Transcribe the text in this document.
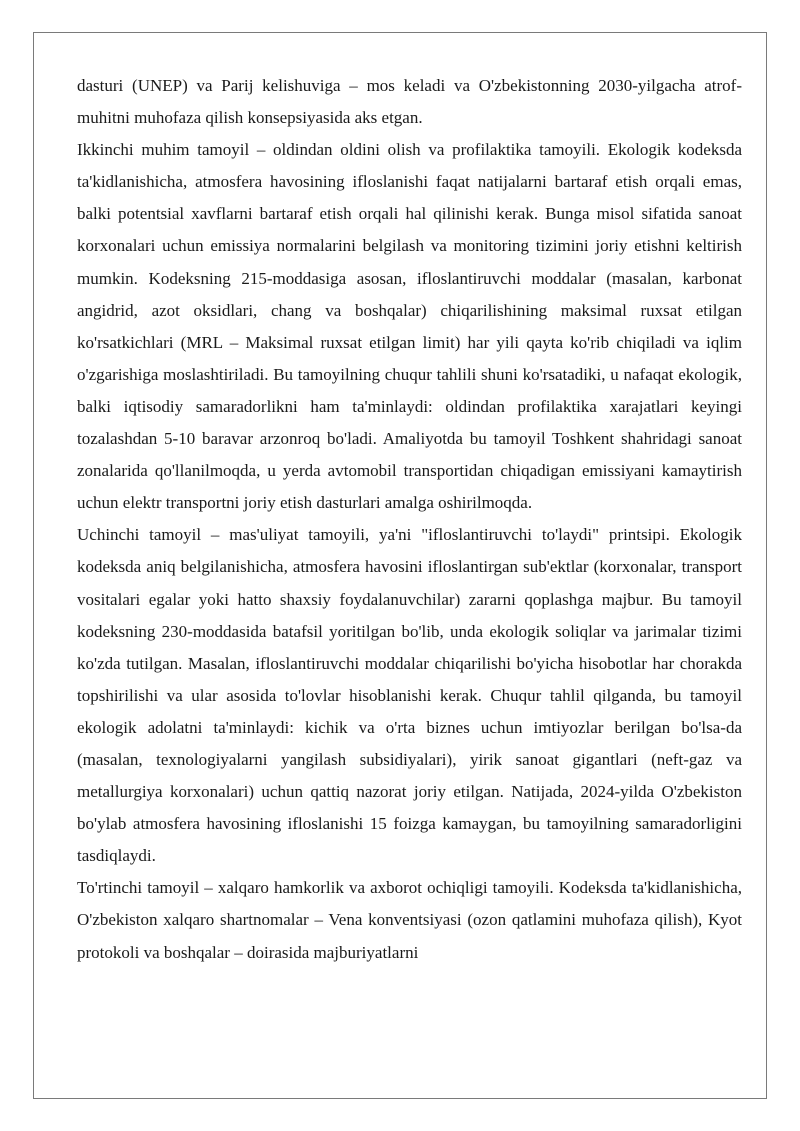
dasturi (UNEP) va Parij kelishuviga – mos keladi va O'zbekistonning 2030-yilgacha atrof-muhitni muhofaza qilish konsepsiyasida aks etgan.

Ikkinchi muhim tamoyil – oldindan oldini olish va profilaktika tamoyili. Ekologik kodeksda ta'kidlanishicha, atmosfera havosining ifloslanishi faqat natijalarni bartaraf etish orqali emas, balki potentsial xavflarni bartaraf etish orqali hal qilinishi kerak. Bunga misol sifatida sanoat korxonalari uchun emissiya normalarini belgilash va monitoring tizimini joriy etishni keltirish mumkin. Kodeksning 215-moddasiga asosan, ifloslantiruvchi moddalar (masalan, karbonat angidrid, azot oksidlari, chang va boshqalar) chiqarilishining maksimal ruxsat etilgan ko'rsatkichlari (MRL – Maksimal ruxsat etilgan limit) har yili qayta ko'rib chiqiladi va iqlim o'zgarishiga moslashtiriladi. Bu tamoyilning chuqur tahlili shuni ko'rsatadiki, u nafaqat ekologik, balki iqtisodiy samaradorlikni ham ta'minlaydi: oldindan profilaktika xarajatlari keyingi tozalashdan 5-10 baravar arzonroq bo'ladi. Amaliyotda bu tamoyil Toshkent shahridagi sanoat zonalarida qo'llanilmoqda, u yerda avtomobil transportidan chiqadigan emissiyani kamaytirish uchun elektr transportni joriy etish dasturlari amalga oshirilmoqda.

Uchinchi tamoyil – mas'uliyat tamoyili, ya'ni "ifloslantiruvchi to'laydi" printsipi. Ekologik kodeksda aniq belgilanishicha, atmosfera havosini ifloslantirgan sub'ektlar (korxonalar, transport vositalari egalar yoki hatto shaxsiy foydalanuvchilar) zararni qoplashga majbur. Bu tamoyil kodeksning 230-moddasida batafsil yoritilgan bo'lib, unda ekologik soliqlar va jarimalar tizimi ko'zda tutilgan. Masalan, ifloslantiruvchi moddalar chiqarilishi bo'yicha hisobotlar har chorakda topshirilishi va ular asosida to'lovlar hisoblanishi kerak. Chuqur tahlil qilganda, bu tamoyil ekologik adolatni ta'minlaydi: kichik va o'rta biznes uchun imtiyozlar berilgan bo'lsa-da (masalan, texnologiyalarni yangilash subsidiyalari), yirik sanoat gigantlari (neft-gaz va metallurgiya korxonalari) uchun qattiq nazorat joriy etilgan. Natijada, 2024-yilda O'zbekiston bo'ylab atmosfera havosining ifloslanishi 15 foizga kamaygan, bu tamoyilning samaradorligini tasdiqlaydi.

To'rtinchi tamoyil – xalqaro hamkorlik va axborot ochiqligi tamoyili. Kodeksda ta'kidlanishicha, O'zbekiston xalqaro shartnomalar – Vena konventsiyasi (ozon qatlamini muhofaza qilish), Kyot protokoli va boshqalar – doirasida majburiyatlarni
